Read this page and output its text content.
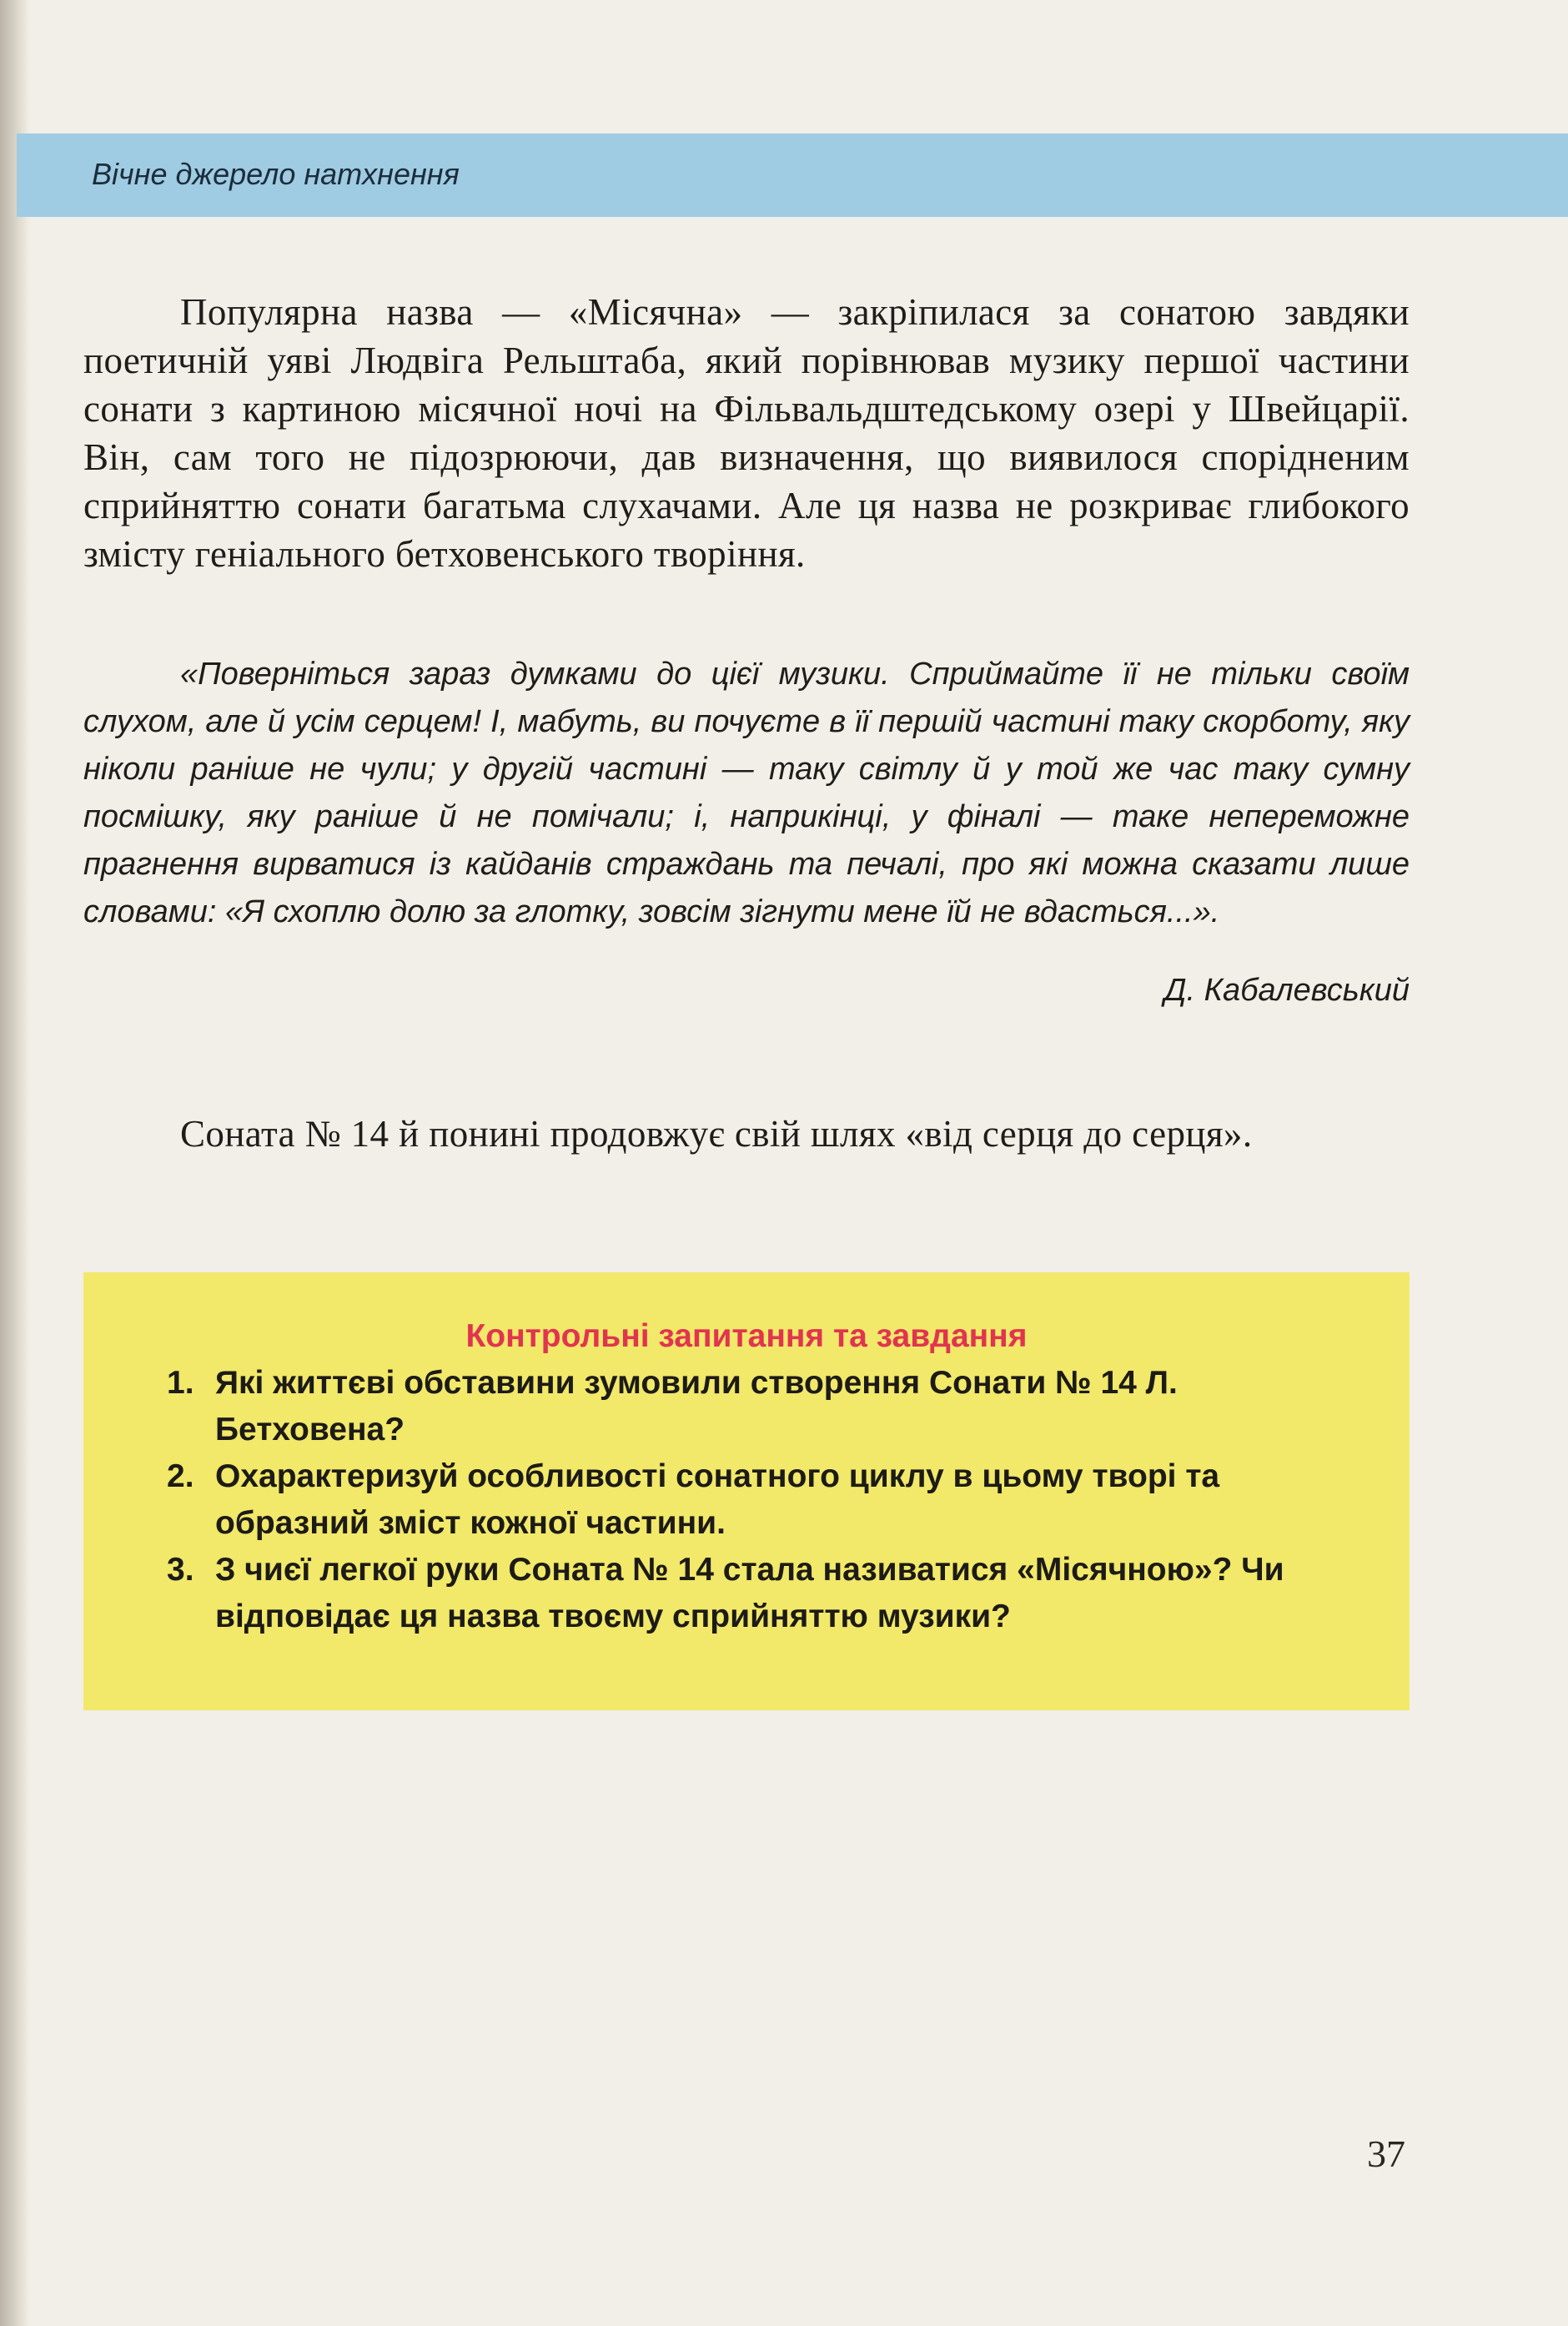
Вічне джерело натхнення

Популярна назва — «Місячна» — закріпилася за сонатою завдяки поетичній уяві Людвіга Рельштаба, який порівнював музику першої частини сонати з картиною місячної ночі на Фільвальдштедському озері у Швейцарії. Він, сам того не підозрюючи, дав визначення, що виявилося спорідненим сприйняттю сонати багатьма слухачами. Але ця назва не розкриває глибокого змісту геніального бетховенського творіння.

«Поверніться зараз думками до цієї музики. Сприймайте її не тільки своїм слухом, але й усім серцем! І, мабуть, ви почуєте в її першій частині таку скорботу, яку ніколи раніше не чули; у другій частині — таку світлу й у той же час таку сумну посмішку, яку раніше й не помічали; і, наприкінці, у фіналі — таке непереможне прагнення вирватися із кайданів страждань та печалі, про які можна сказати лише словами: «Я схоплю долю за глотку, зовсім зігнути мене їй не вдасться...».
Д. Кабалевський

Соната № 14 й понині продовжує свій шлях «від серця до серця».

Контрольні запитання та завдання
1. Які життєві обставини зумовили створення Сонати № 14 Л. Бетховена?
2. Охарактеризуй особливості сонатного циклу в цьому творі та образний зміст кожної частини.
3. З чиєї легкої руки Соната № 14 стала називатися «Місячною»? Чи відповідає ця назва твоєму сприйняттю музики?
37
